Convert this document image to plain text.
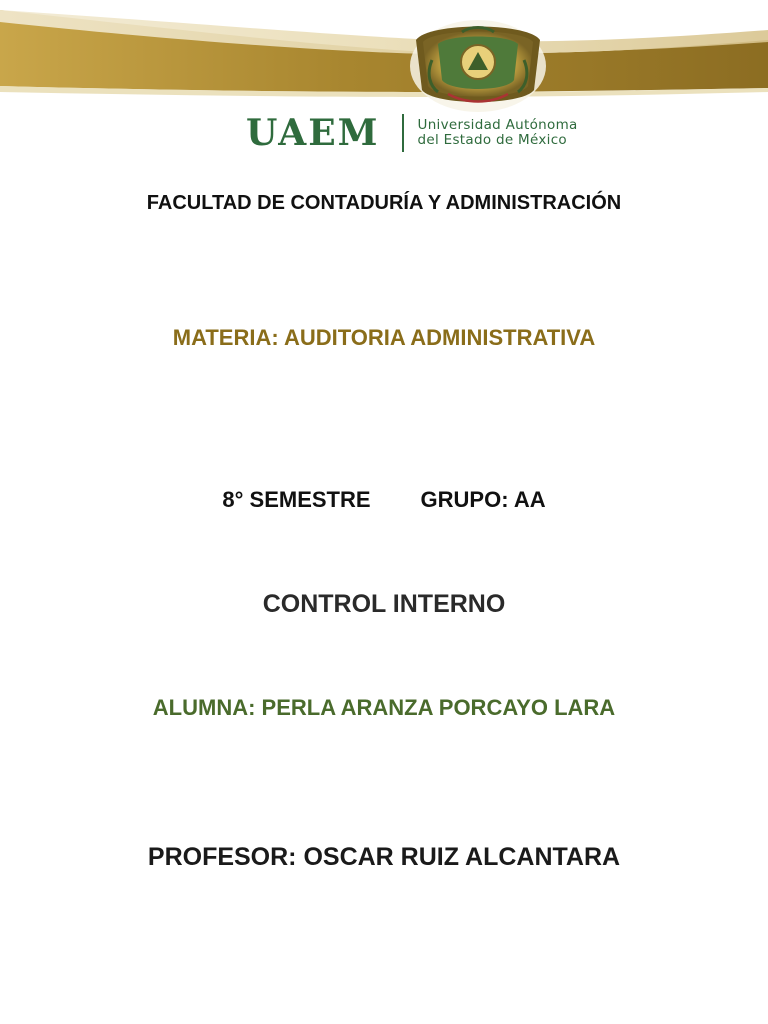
UAEM	Universidad Autónoma
del Estado de México
FACULTAD DE CONTADURÍA Y ADMINISTRACIÓN
MATERIA: AUDITORIA ADMINISTRATIVA
8° SEMESTRE GRUPO: AA
CONTROL INTERNO
ALUMNA: PERLA ARANZA PORCAYO LARA
PROFESOR: OSCAR RUIZ ALCANTARA
